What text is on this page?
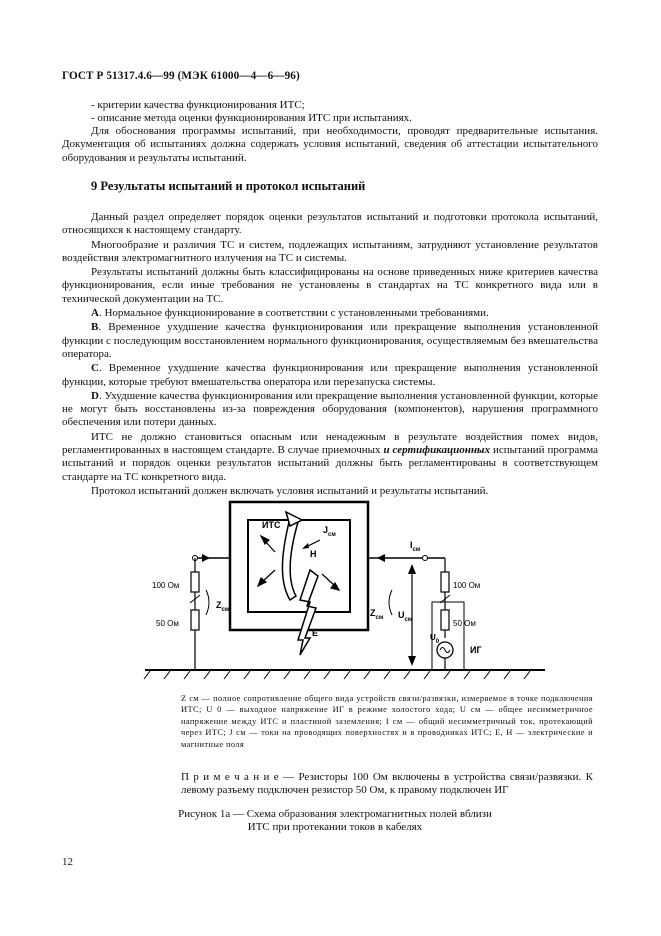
ГОСТ Р 51317.4.6—99 (МЭК 61000—4—6—96)

- критерии качества функционирования ИТС;

- описание метода оценки функционирования ИТС при испытаниях.

Для обоснования программы испытаний, при необходимости, проводят предварительные испытания. Документация об испытаниях должна содержать условия испытаний, сведения об аттестации испытательного оборудования и результаты испытаний.

9 Результаты испытаний и протокол испытаний

Данный раздел определяет порядок оценки результатов испытаний и подготовки протокола испытаний, относящихся к настоящему стандарту.

Многообразие и различия ТС и систем, подлежащих испытаниям, затрудняют установление результатов воздействия электромагнитного излучения на ТС и системы.

Результаты испытаний должны быть классифицированы на основе приведенных ниже критериев качества функционирования, если иные требования не установлены в стандартах на ТС конкретного вида или в технической документации на ТС.

A. Нормальное функционирование в соответствии с установленными требованиями.

B. Временное ухудшение качества функционирования или прекращение выполнения установленной функции с последующим восстановлением нормального функционирования, осуществляемым без вмешательства оператора.

C. Временное ухудшение качества функционирования или прекращение выполнения установленной функции, которые требуют вмешательства оператора или перезапуска системы.

D. Ухудшение качества функционирования или прекращение выполнения установленной функции, которые не могут быть восстановлены из-за повреждения оборудования (компонентов), нарушения программного обеспечения или потери данных.

ИТС не должно становиться опасным или ненадежным в результате воздействия помех видов, регламентированных в настоящем стандарте. В случае приемочных и сертификационных испытаний программа испытаний и порядок оценки результатов испытаний должны быть регламентированы в соответствующем стандарте на ТС конкретного вида.

Протокол испытаний должен включать условия испытаний и результаты испытаний.

ИТС	$J_{см}$
H
E
100 Ом
50 Ом
$Z_{см}$
$I_{см}$
100 Ом
50 Ом
$U_0$
ИГ
$U_{см}$
$Z_{см}$
Z см — полное сопротивление общего вида устройств связи/развязки, измеряемое в точке подключения ИТС; U 0 — выходное напряжение ИГ в режиме холостого хода; U см — общее несимметричное напряжение между ИТС и пластиной заземления; I см — общий несимметричный ток, протекающий через ИТС; J см — токи на проводящих поверхностях и в проводниках ИТС; Е, Н — электрические и магнитные поля
П р и м е ч а н и е — Резисторы 100 Ом включены в устройства связи/развязки. К левому разъему подключен резистор 50 Ом, к правому подключен ИГ
Рисунок 1а — Схема образования электромагнитных полей вблизи
ИТС при протекании токов в кабелях
12
